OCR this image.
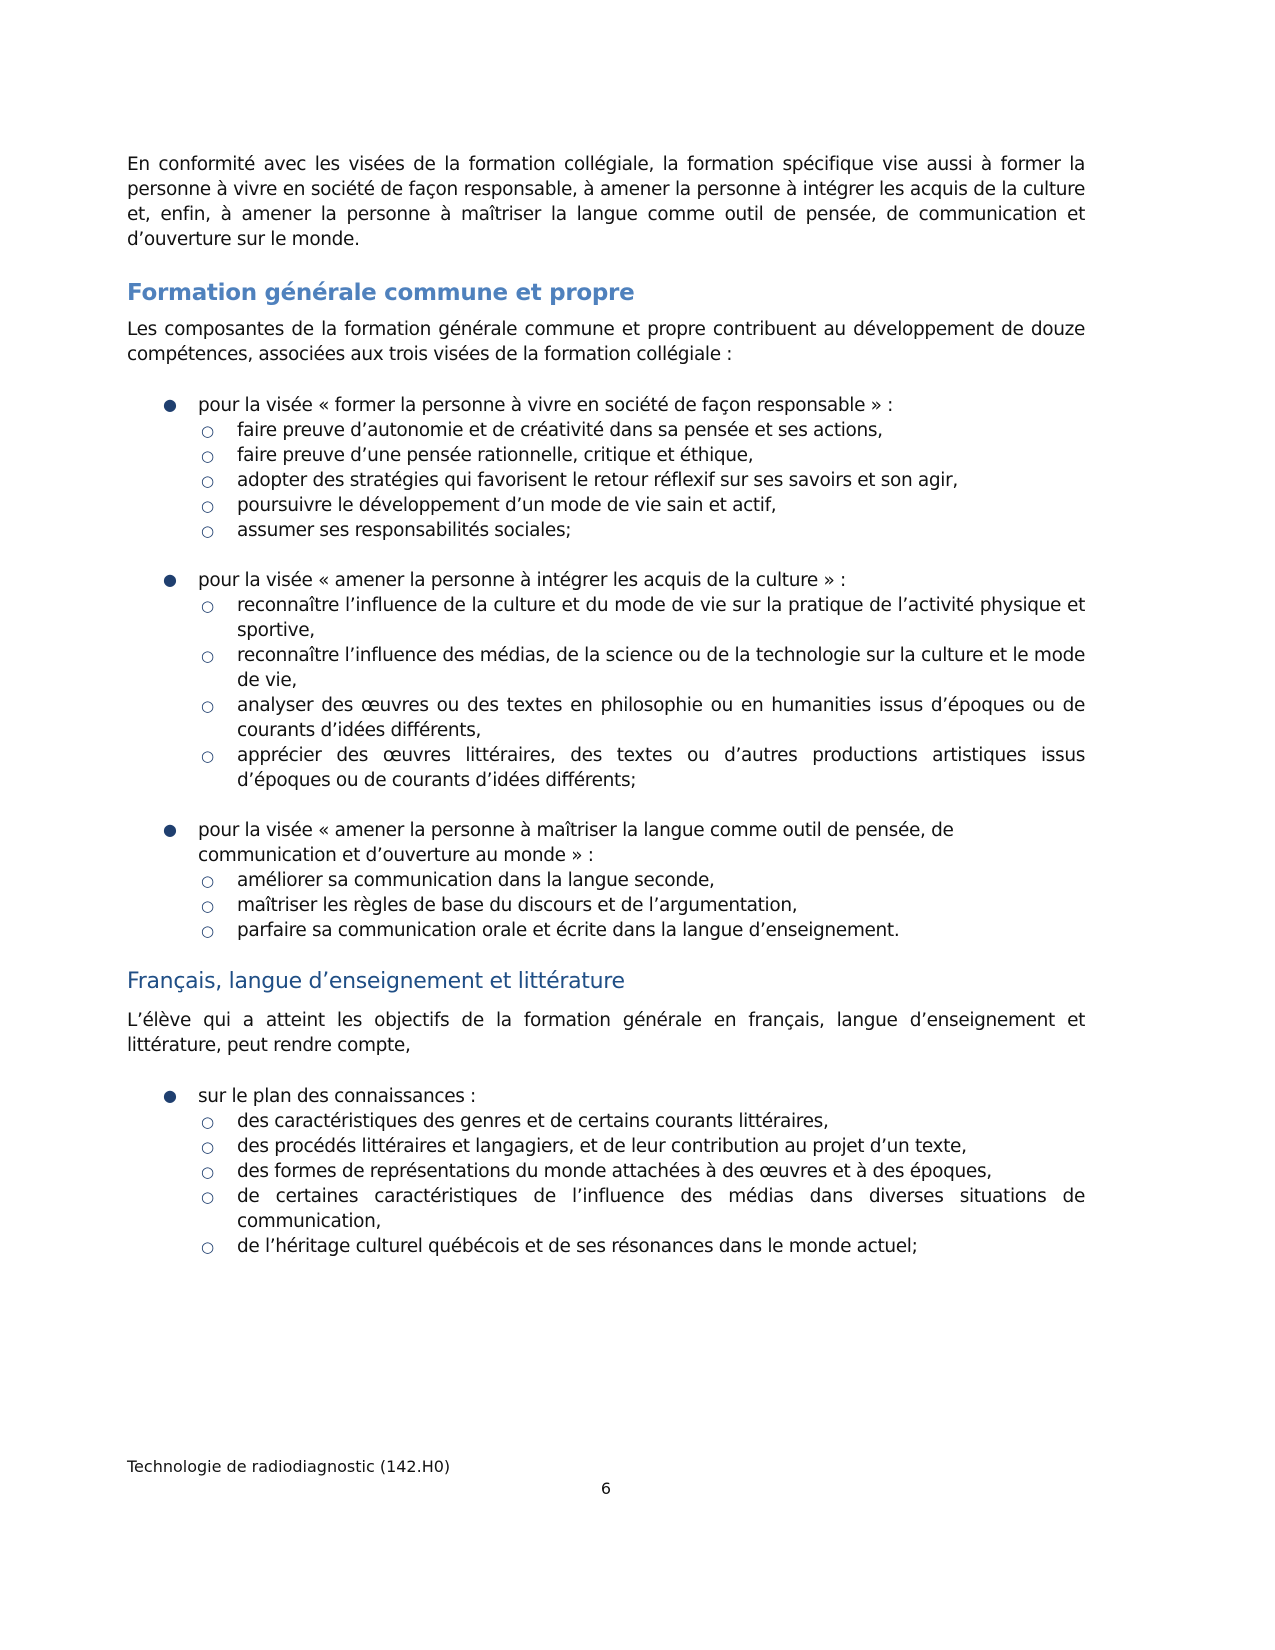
En conformité avec les visées de la formation collégiale, la formation spécifique vise aussi à former la personne à vivre en société de façon responsable, à amener la personne à intégrer les acquis de la culture et, enfin, à amener la personne à maîtriser la langue comme outil de pensée, de communication et d’ouverture sur le monde.

Formation générale commune et propre

Les composantes de la formation générale commune et propre contribuent au développement de douze compétences, associées aux trois visées de la formation collégiale :

● pour la visée « former la personne à vivre en société de façon responsable » :
○ faire preuve d’autonomie et de créativité dans sa pensée et ses actions,
○ faire preuve d’une pensée rationnelle, critique et éthique,
○ adopter des stratégies qui favorisent le retour réflexif sur ses savoirs et son agir,
○ poursuivre le développement d’un mode de vie sain et actif,
○ assumer ses responsabilités sociales;
● pour la visée « amener la personne à intégrer les acquis de la culture » :
○ reconnaître l’influence de la culture et du mode de vie sur la pratique de l’activité physique et sportive,
○ reconnaître l’influence des médias, de la science ou de la technologie sur la culture et le mode de vie,
○ analyser des œuvres ou des textes en philosophie ou en humanities issus d’époques ou de courants d’idées différents,
○ apprécier des œuvres littéraires, des textes ou d’autres productions artistiques issus d’époques ou de courants d’idées différents;
● pour la visée « amener la personne à maîtriser la langue comme outil de pensée, de communication et d’ouverture au monde » :
○ améliorer sa communication dans la langue seconde,
○ maîtriser les règles de base du discours et de l’argumentation,
○ parfaire sa communication orale et écrite dans la langue d’enseignement.
Français, langue d’enseignement et littérature

L’élève qui a atteint les objectifs de la formation générale en français, langue d’enseignement et littérature, peut rendre compte,

● sur le plan des connaissances :
○ des caractéristiques des genres et de certains courants littéraires,
○ des procédés littéraires et langagiers, et de leur contribution au projet d’un texte,
○ des formes de représentations du monde attachées à des œuvres et à des époques,
○ de certaines caractéristiques de l’influence des médias dans diverses situations de communication,
○ de l’héritage culturel québécois et de ses résonances dans le monde actuel;
Technologie de radiodiagnostic (142.H0)
6
